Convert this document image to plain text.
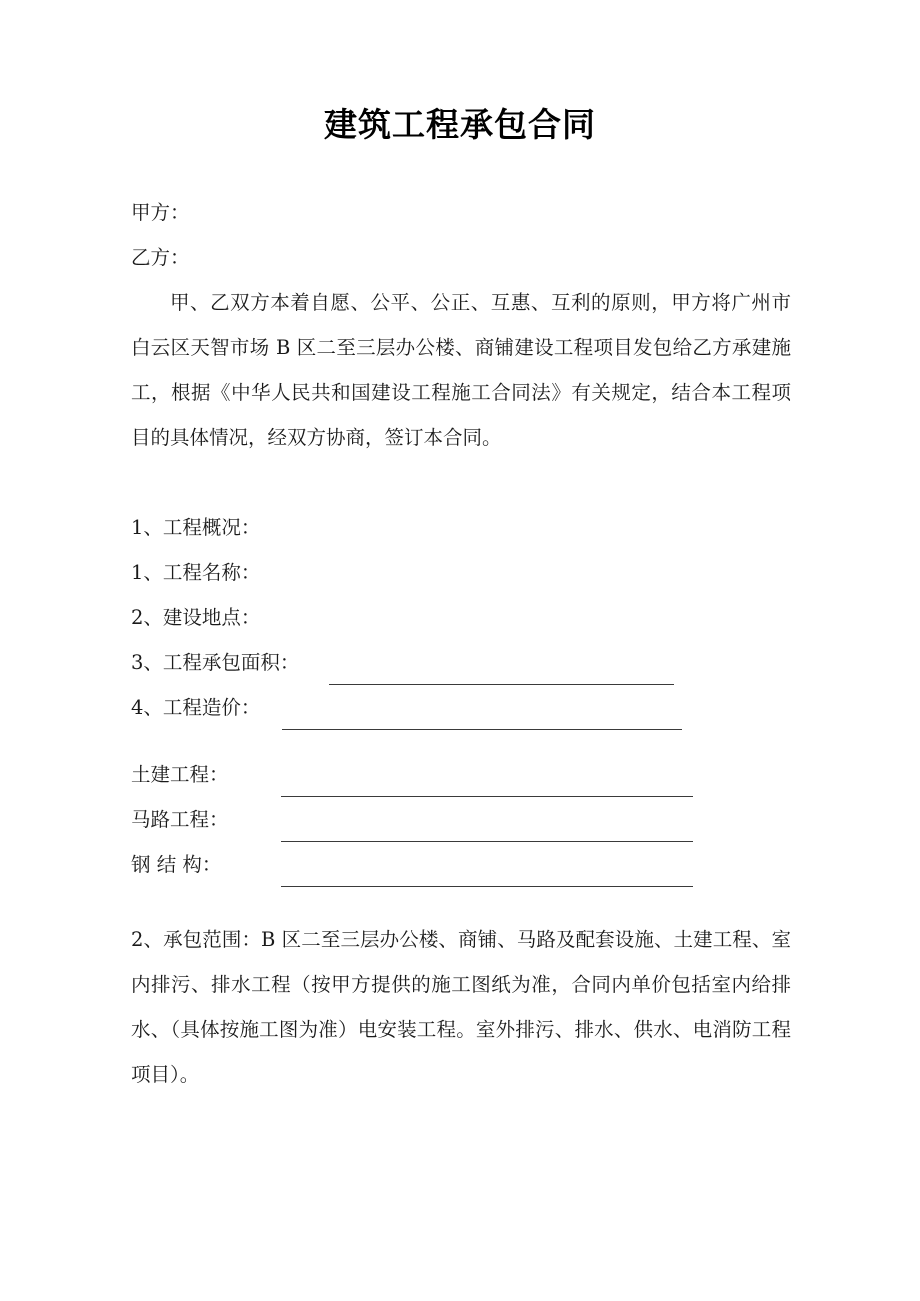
建筑工程承包合同
甲方：
乙方：
甲、乙双方本着自愿、公平、公正、互惠、互利的原则，甲方将广州市白云区天智市场 B 区二至三层办公楼、商铺建设工程项目发包给乙方承建施工，根据《中华人民共和国建设工程施工合同法》有关规定，结合本工程项目的具体情况，经双方协商，签订本合同。
1、工程概况：
1、工程名称：
2、建设地点：
3、工程承包面积：
4、工程造价：
土建工程：
马路工程：
钢 结 构：
2、承包范围：B 区二至三层办公楼、商铺、马路及配套设施、土建工程、室内排污、排水工程（按甲方提供的施工图纸为准，合同内单价包括室内给排水、（具体按施工图为准）电安装工程。室外排污、排水、供水、电消防工程项目）。
